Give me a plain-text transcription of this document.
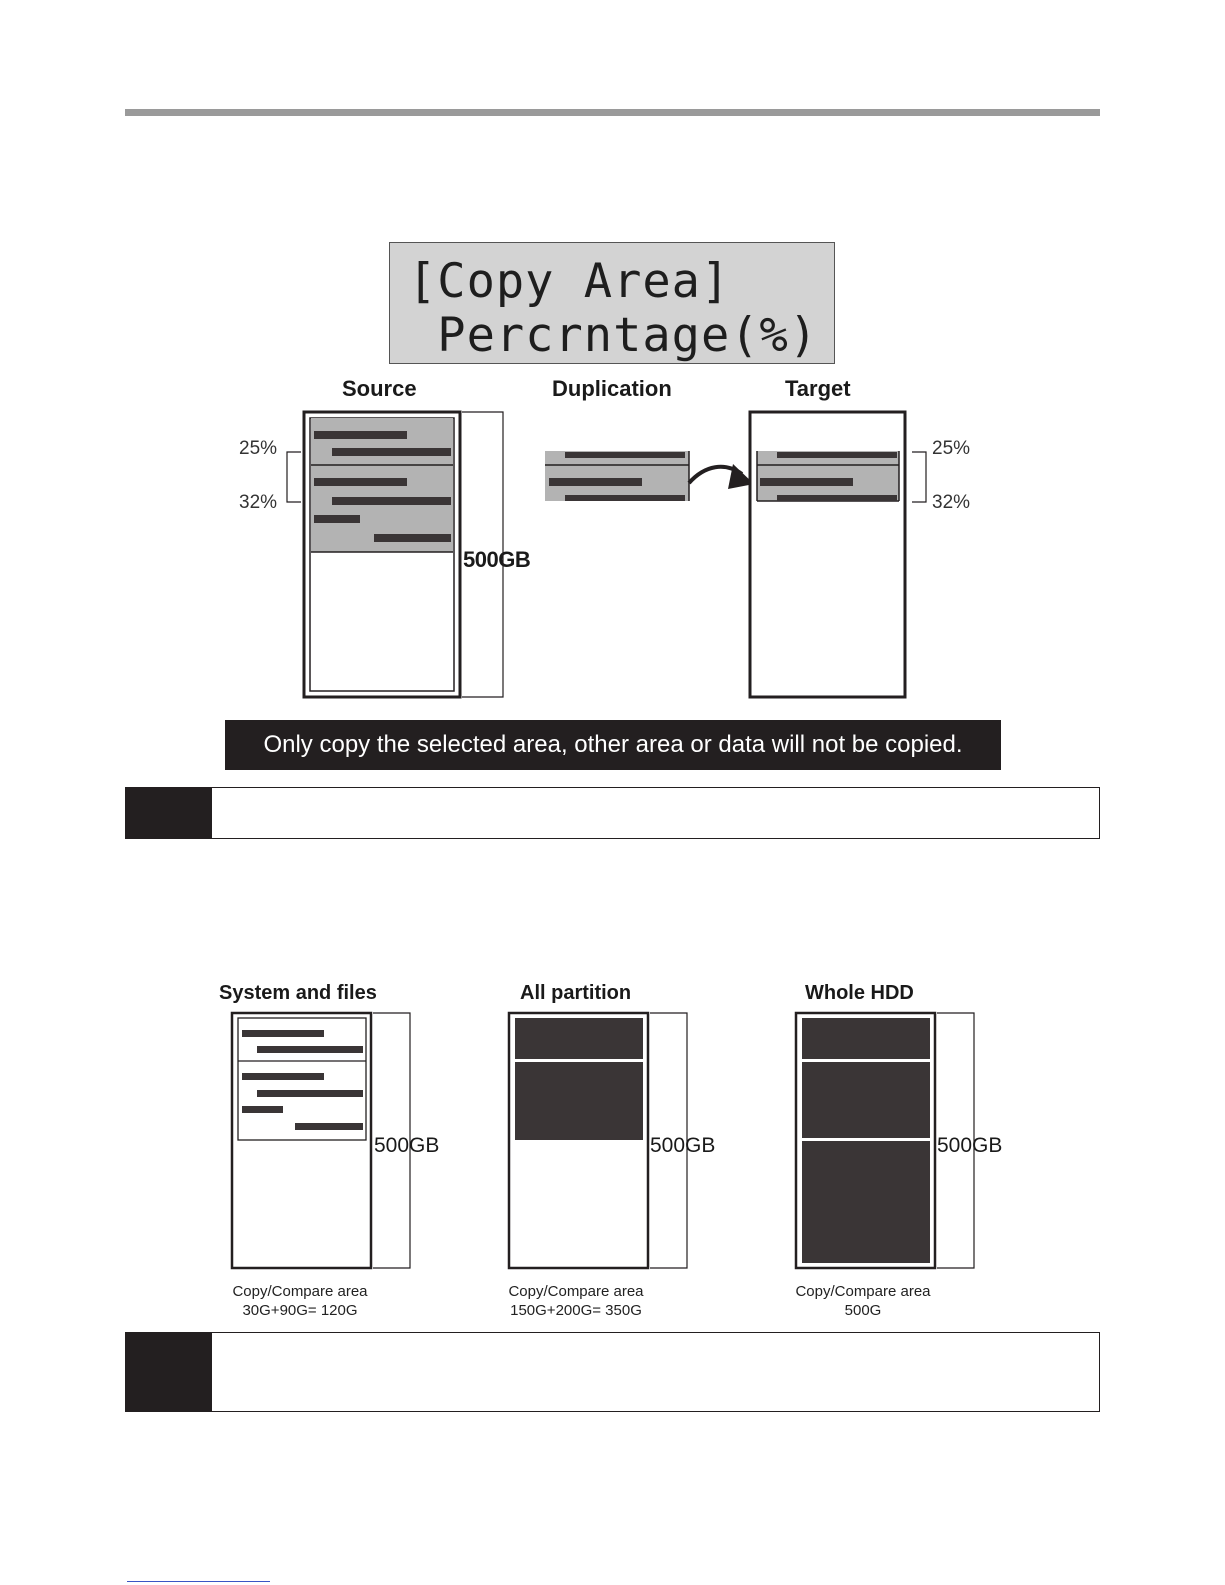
[Copy Area]
Percrntage(%)
Source	Duplication	Target
25%
32%
25%
32%
500GB
Only copy the selected area, other area or data will not be copied.
System and files	All partition	Whole HDD
500GB	500GB	500GB
Copy/Compare area
30G+90G= 120G
Copy/Compare area
150G+200G= 350G
Copy/Compare area
500G
